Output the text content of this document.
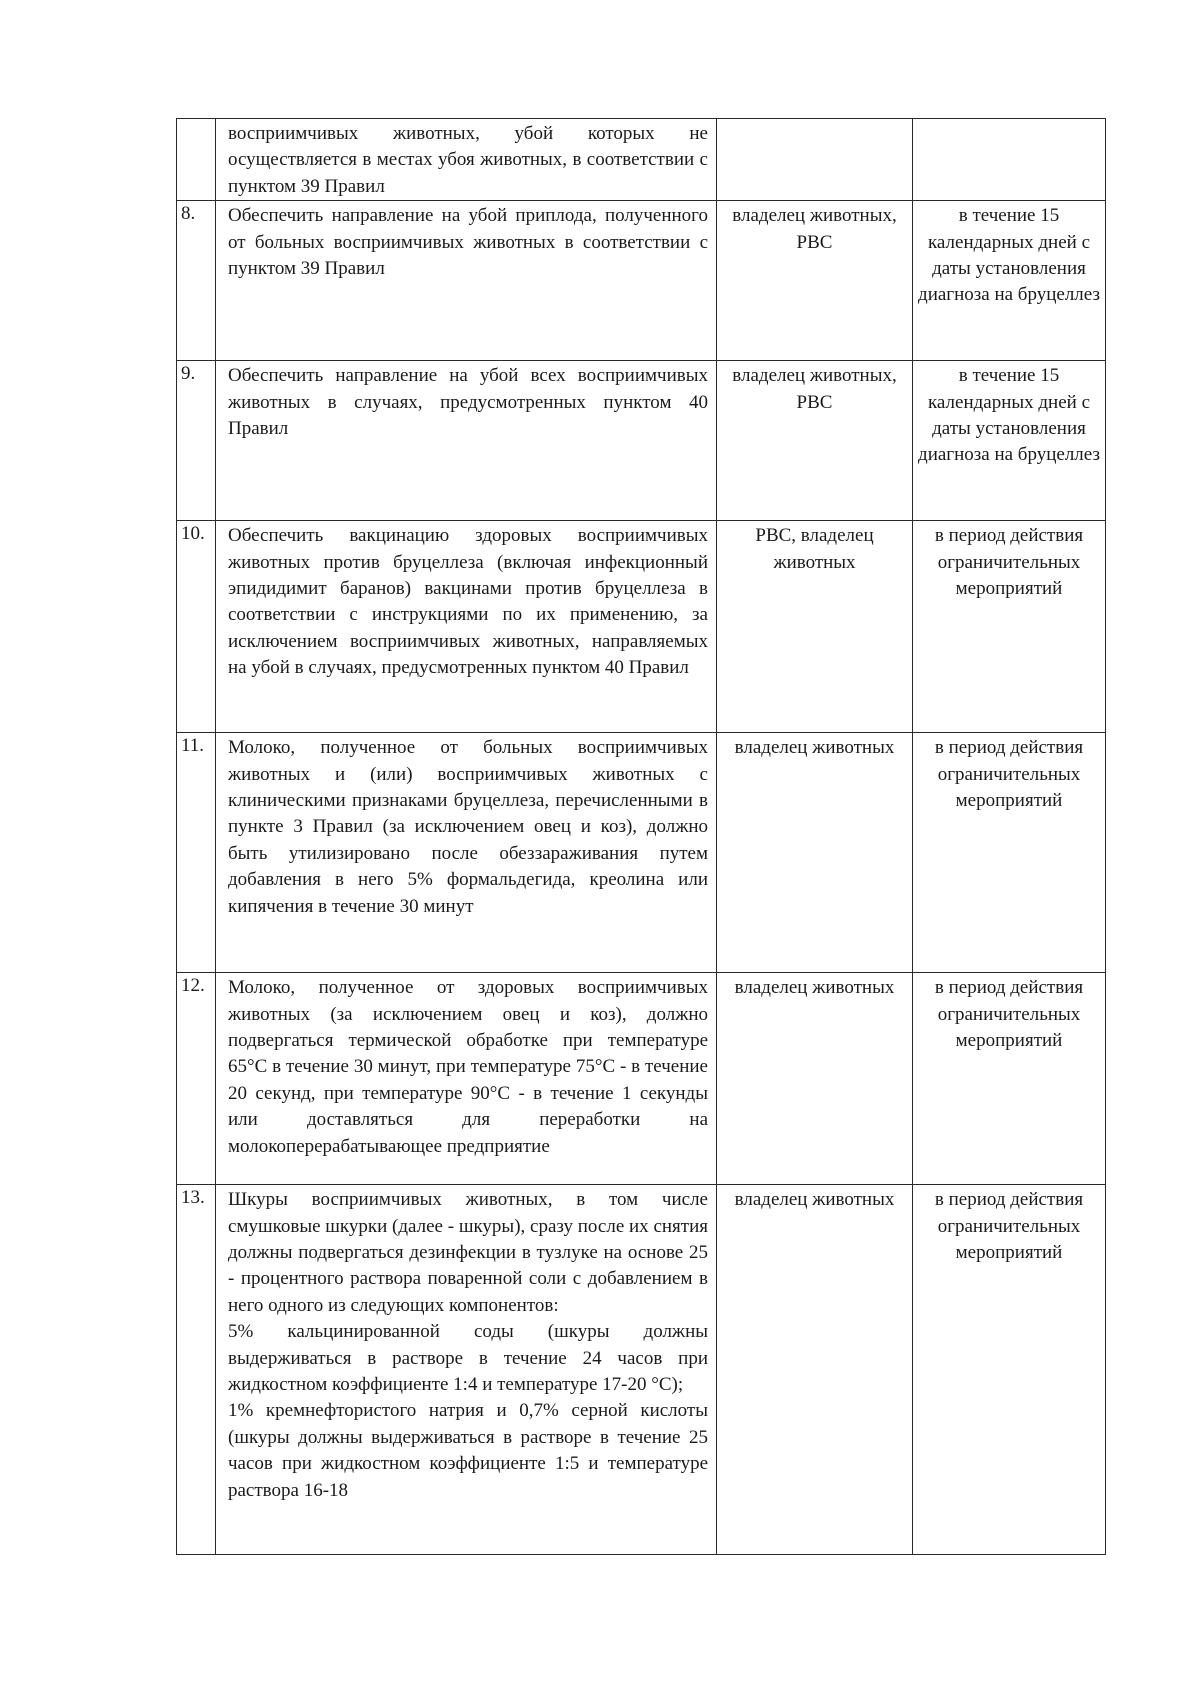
	восприимчивых животных, убой которых не осуществляется в местах убоя животных, в соответствии с пунктом 39 Правил		

8.	Обеспечить направление на убой приплода, полученного от больных восприимчивых животных в соответствии с пунктом 39 Правил	владелец животных, РВС	в течение 15 календарных дней с даты установления диагноза на бруцеллез

9.	Обеспечить направление на убой всех восприимчивых животных в случаях, предусмотренных пунктом 40 Правил	владелец животных, РВС	в течение 15 календарных дней с даты установления диагноза на бруцеллез

10.	Обеспечить вакцинацию здоровых восприимчивых животных против бруцеллеза (включая инфекционный эпидидимит баранов) вакцинами против бруцеллеза в соответствии с инструкциями по их применению, за исключением восприимчивых животных, направляемых на убой в случаях, предусмотренных пунктом 40 Правил	РВС, владелец животных	в период действия ограничительных мероприятий

11.	Молоко, полученное от больных восприимчивых животных и (или) восприимчивых животных с клиническими признаками бруцеллеза, перечисленными в пункте 3 Правил (за исключением овец и коз), должно быть утилизировано после обеззараживания путем добавления в него 5% формальдегида, креолина или кипячения в течение 30 минут	владелец животных	в период действия ограничительных мероприятий

12.	Молоко, полученное от здоровых восприимчивых животных (за исключением овец и коз), должно подвергаться термической обработке при температуре 65°С в течение 30 минут, при температуре 75°С - в течение 20 секунд, при температуре 90°С - в течение 1 секунды или доставляться для переработки на молокоперерабатывающее предприятие	владелец животных	в период действия ограничительных мероприятий

13.	Шкуры восприимчивых животных, в том числе смушковые шкурки (далее - шкуры), сразу после их снятия должны подвергаться дезинфекции в тузлуке на основе 25 - процентного раствора поваренной соли с добавлением в него одного из следующих компонентов:
5% кальцинированной соды (шкуры должны выдерживаться в растворе в течение 24 часов при жидкостном коэффициенте 1:4 и температуре 17-20 °С);
1% кремнефтористого натрия и 0,7% серной кислоты (шкуры должны выдерживаться в растворе в течение 25 часов при жидкостном коэффициенте 1:5 и температуре раствора 16-18	владелец животных	в период действия ограничительных мероприятий
